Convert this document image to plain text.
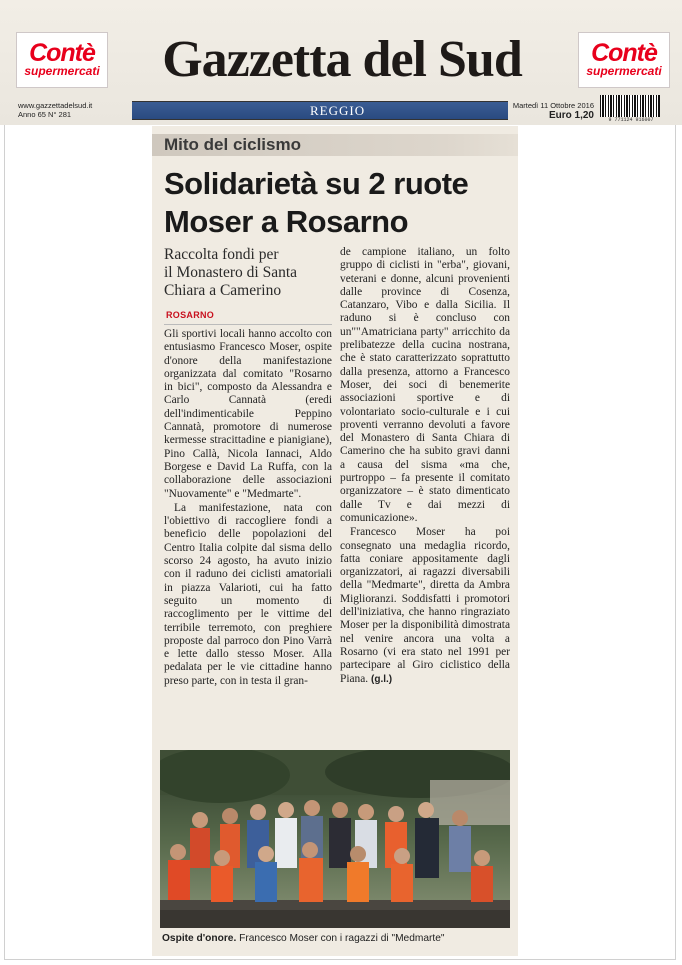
Contè
supermercati	Gazzetta del Sud	Contè
supermercati
www.gazzettadelsud.it
Anno 65 N° 281	REGGIO	Martedì 11 Ottobre 2016
Euro 1,20	9 771124 916007
Mito del ciclismo
Solidarietà su 2 ruote
Moser a Rosarno
Raccolta fondi per
il Monastero di Santa
Chiara a Camerino
ROSARNO

Gli sportivi locali hanno accolto con entusiasmo Francesco Moser, ospite d'onore della manifestazione organizzata dal comitato "Rosarno in bici", composto da Alessandra e Carlo Cannatà (eredi dell'indimenticabile Peppino Cannatà, promotore di numerose kermesse stracittadine e pianigiane), Pino Callà, Nicola Iannaci, Aldo Borgese e David La Ruffa, con la collaborazione delle associazioni "Nuovamente" e "Medmarte".

La manifestazione, nata con l'obiettivo di raccogliere fondi a beneficio delle popolazioni del Centro Italia colpite dal sisma dello scorso 24 agosto, ha avuto inizio con il raduno dei ciclisti amatoriali in piazza Valarioti, cui ha fatto seguito un momento di raccoglimento per le vittime del terribile terremoto, con preghiere proposte dal parroco don Pino Varrà e lette dallo stesso Moser. Alla pedalata per le vie cittadine hanno preso parte, con in testa il gran-

de campione italiano, un folto gruppo di ciclisti in "erba", giovani, veterani e donne, alcuni provenienti dalle province di Cosenza, Catanzaro, Vibo e dalla Sicilia. Il raduno si è concluso con un""Amatriciana party" arricchito da prelibatezze della cucina nostrana, che è stato caratterizzato soprattutto dalla presenza, attorno a Francesco Moser, dei soci di benemerite associazioni sportive e di volontariato socio-culturale e i cui proventi verranno devoluti a favore del Monastero di Santa Chiara di Camerino che ha subito gravi danni a causa del sisma «ma che, purtroppo – fa presente il comitato organizzatore – è stato dimenticato dalle Tv e dai mezzi di comunicazione».

Francesco Moser ha poi consegnato una medaglia ricordo, fatta coniare appositamente dagli organizzatori, ai ragazzi diversabili della "Medmarte", diretta da Ambra Miglioranzi. Soddisfatti i promotori dell'iniziativa, che hanno ringraziato Moser per la disponibilità dimostrata nel venire ancora una volta a Rosarno (vi era stato nel 1991 per partecipare al Giro ciclistico della Piana. (g.l.)

Ospite d'onore. Francesco Moser con i ragazzi di "Medmarte"
